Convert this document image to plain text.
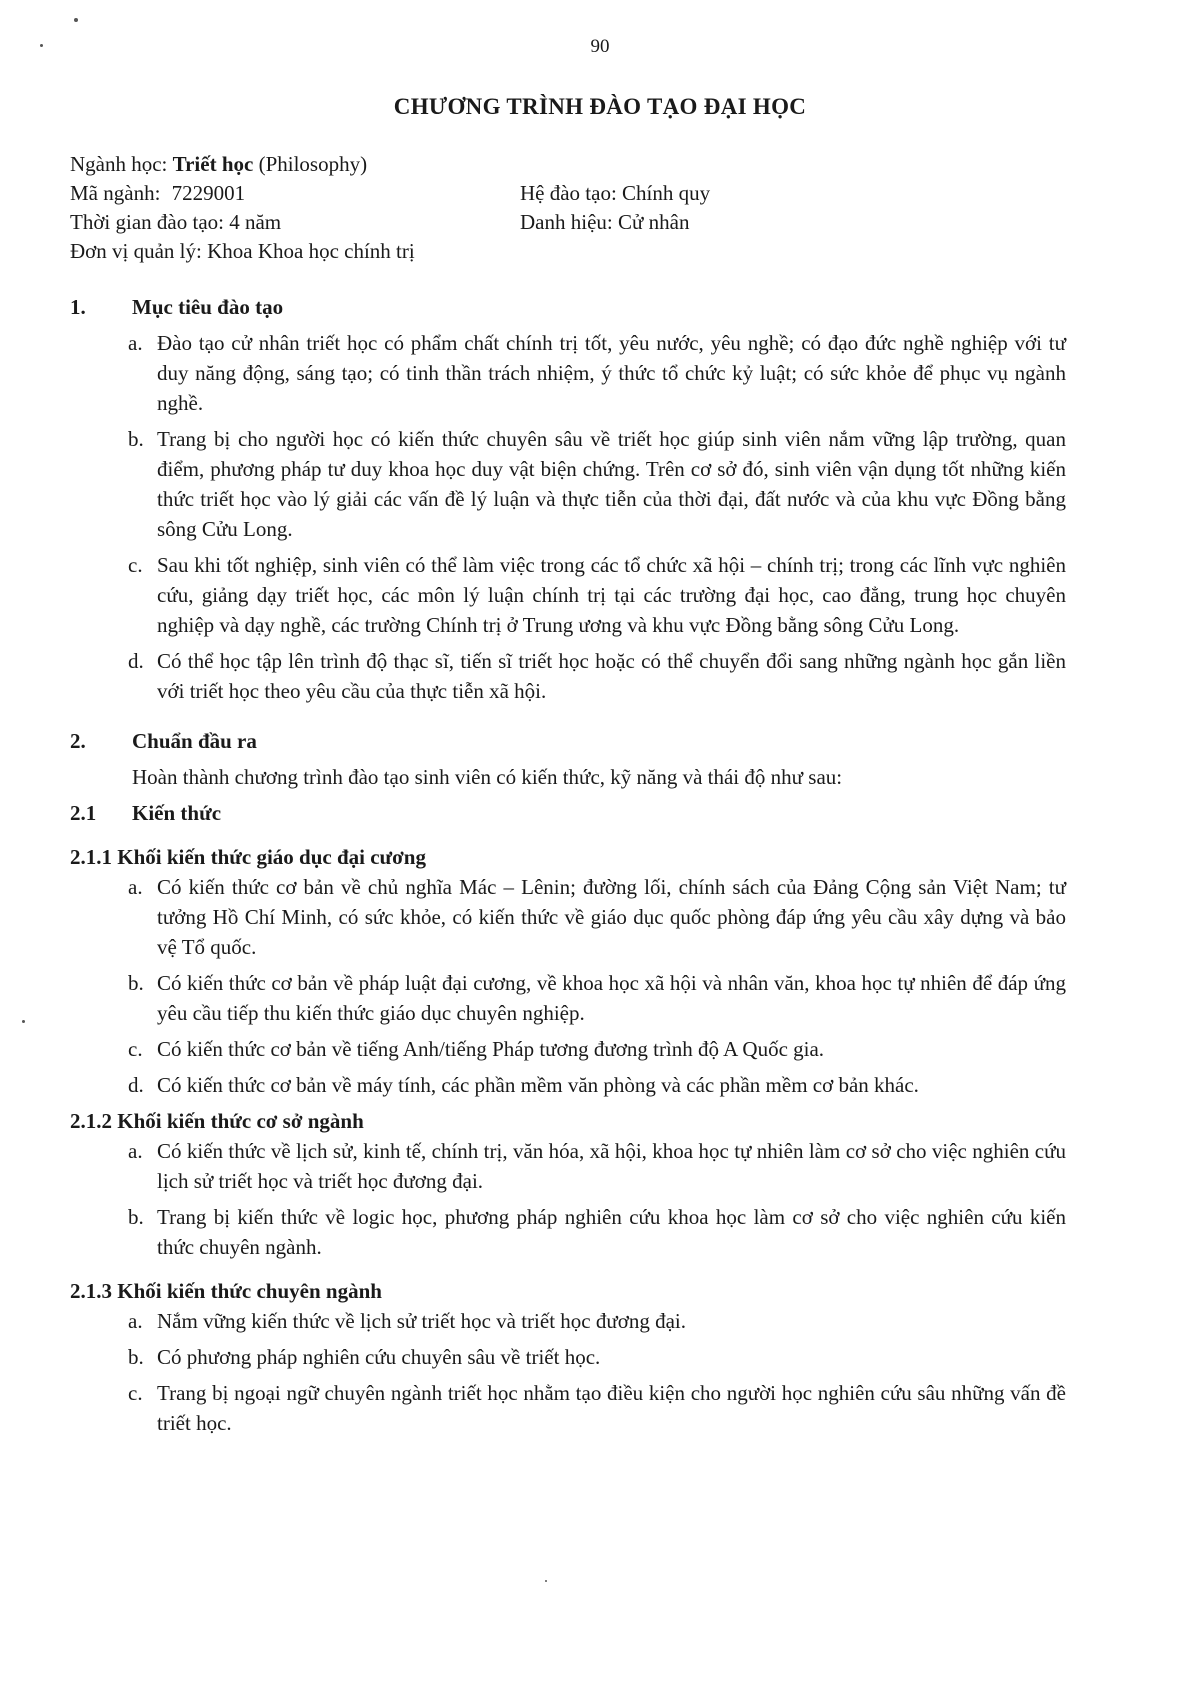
90
CHƯƠNG TRÌNH ĐÀO TẠO ĐẠI HỌC
Ngành học: Triết học (Philosophy)
Mã ngành: 7229001	Hệ đào tạo: Chính quy
Thời gian đào tạo: 4 năm	Danh hiệu: Cử nhân
Đơn vị quản lý: Khoa Khoa học chính trị
1. Mục tiêu đào tạo
a. Đào tạo cử nhân triết học có phẩm chất chính trị tốt, yêu nước, yêu nghề; có đạo đức nghề nghiệp với tư duy năng động, sáng tạo; có tinh thần trách nhiệm, ý thức tổ chức kỷ luật; có sức khỏe để phục vụ ngành nghề.
b. Trang bị cho người học có kiến thức chuyên sâu về triết học giúp sinh viên nắm vững lập trường, quan điểm, phương pháp tư duy khoa học duy vật biện chứng. Trên cơ sở đó, sinh viên vận dụng tốt những kiến thức triết học vào lý giải các vấn đề lý luận và thực tiễn của thời đại, đất nước và của khu vực Đồng bằng sông Cửu Long.
c. Sau khi tốt nghiệp, sinh viên có thể làm việc trong các tổ chức xã hội – chính trị; trong các lĩnh vực nghiên cứu, giảng dạy triết học, các môn lý luận chính trị tại các trường đại học, cao đẳng, trung học chuyên nghiệp và dạy nghề, các trường Chính trị ở Trung ương và khu vực Đồng bằng sông Cửu Long.
d. Có thể học tập lên trình độ thạc sĩ, tiến sĩ triết học hoặc có thể chuyển đổi sang những ngành học gắn liền với triết học theo yêu cầu của thực tiễn xã hội.
2. Chuẩn đầu ra
Hoàn thành chương trình đào tạo sinh viên có kiến thức, kỹ năng và thái độ như sau:
2.1 Kiến thức
2.1.1 Khối kiến thức giáo dục đại cương
a. Có kiến thức cơ bản về chủ nghĩa Mác – Lênin; đường lối, chính sách của Đảng Cộng sản Việt Nam; tư tưởng Hồ Chí Minh, có sức khỏe, có kiến thức về giáo dục quốc phòng đáp ứng yêu cầu xây dựng và bảo vệ Tổ quốc.
b. Có kiến thức cơ bản về pháp luật đại cương, về khoa học xã hội và nhân văn, khoa học tự nhiên để đáp ứng yêu cầu tiếp thu kiến thức giáo dục chuyên nghiệp.
c. Có kiến thức cơ bản về tiếng Anh/tiếng Pháp tương đương trình độ A Quốc gia.
d. Có kiến thức cơ bản về máy tính, các phần mềm văn phòng và các phần mềm cơ bản khác.
2.1.2 Khối kiến thức cơ sở ngành
a. Có kiến thức về lịch sử, kinh tế, chính trị, văn hóa, xã hội, khoa học tự nhiên làm cơ sở cho việc nghiên cứu lịch sử triết học và triết học đương đại.
b. Trang bị kiến thức về logic học, phương pháp nghiên cứu khoa học làm cơ sở cho việc nghiên cứu kiến thức chuyên ngành.
2.1.3 Khối kiến thức chuyên ngành
a. Nắm vững kiến thức về lịch sử triết học và triết học đương đại.
b. Có phương pháp nghiên cứu chuyên sâu về triết học.
c. Trang bị ngoại ngữ chuyên ngành triết học nhằm tạo điều kiện cho người học nghiên cứu sâu những vấn đề triết học.
